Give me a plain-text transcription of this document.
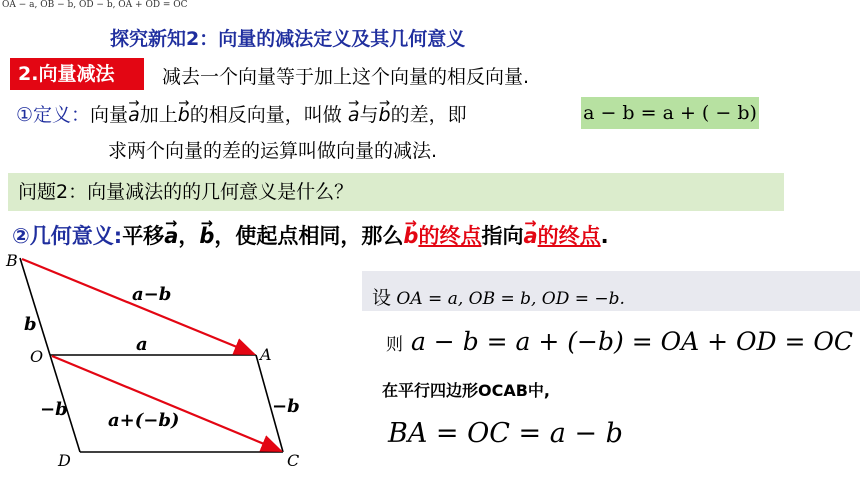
OA − a, OB − b, OD − b, OA + OD = OC
探究新知2：向量的减法定义及其几何意义
2.向量减法	减去一个向量等于加上这个向量的相反向量.
①定义：向量a →加上b →的相反向量，叫做 a →与b →的差，即	a − b = a + ( − b)
求两个向量的差的运算叫做向量的减法.
问题2：向量减法的的几何意义是什么？
②几何意义:平移a →，b →，使起点相同，那么b →的终点指向a →的终点.
B
O	A
D	C
a−b
b
a
−b	−b
a+(−b)
设 OA = a, OB = b, OD = −b.
则 a − b = a + (−b) = OA + OD = OC
在平行四边形OCAB中,
BA = OC = a − b
